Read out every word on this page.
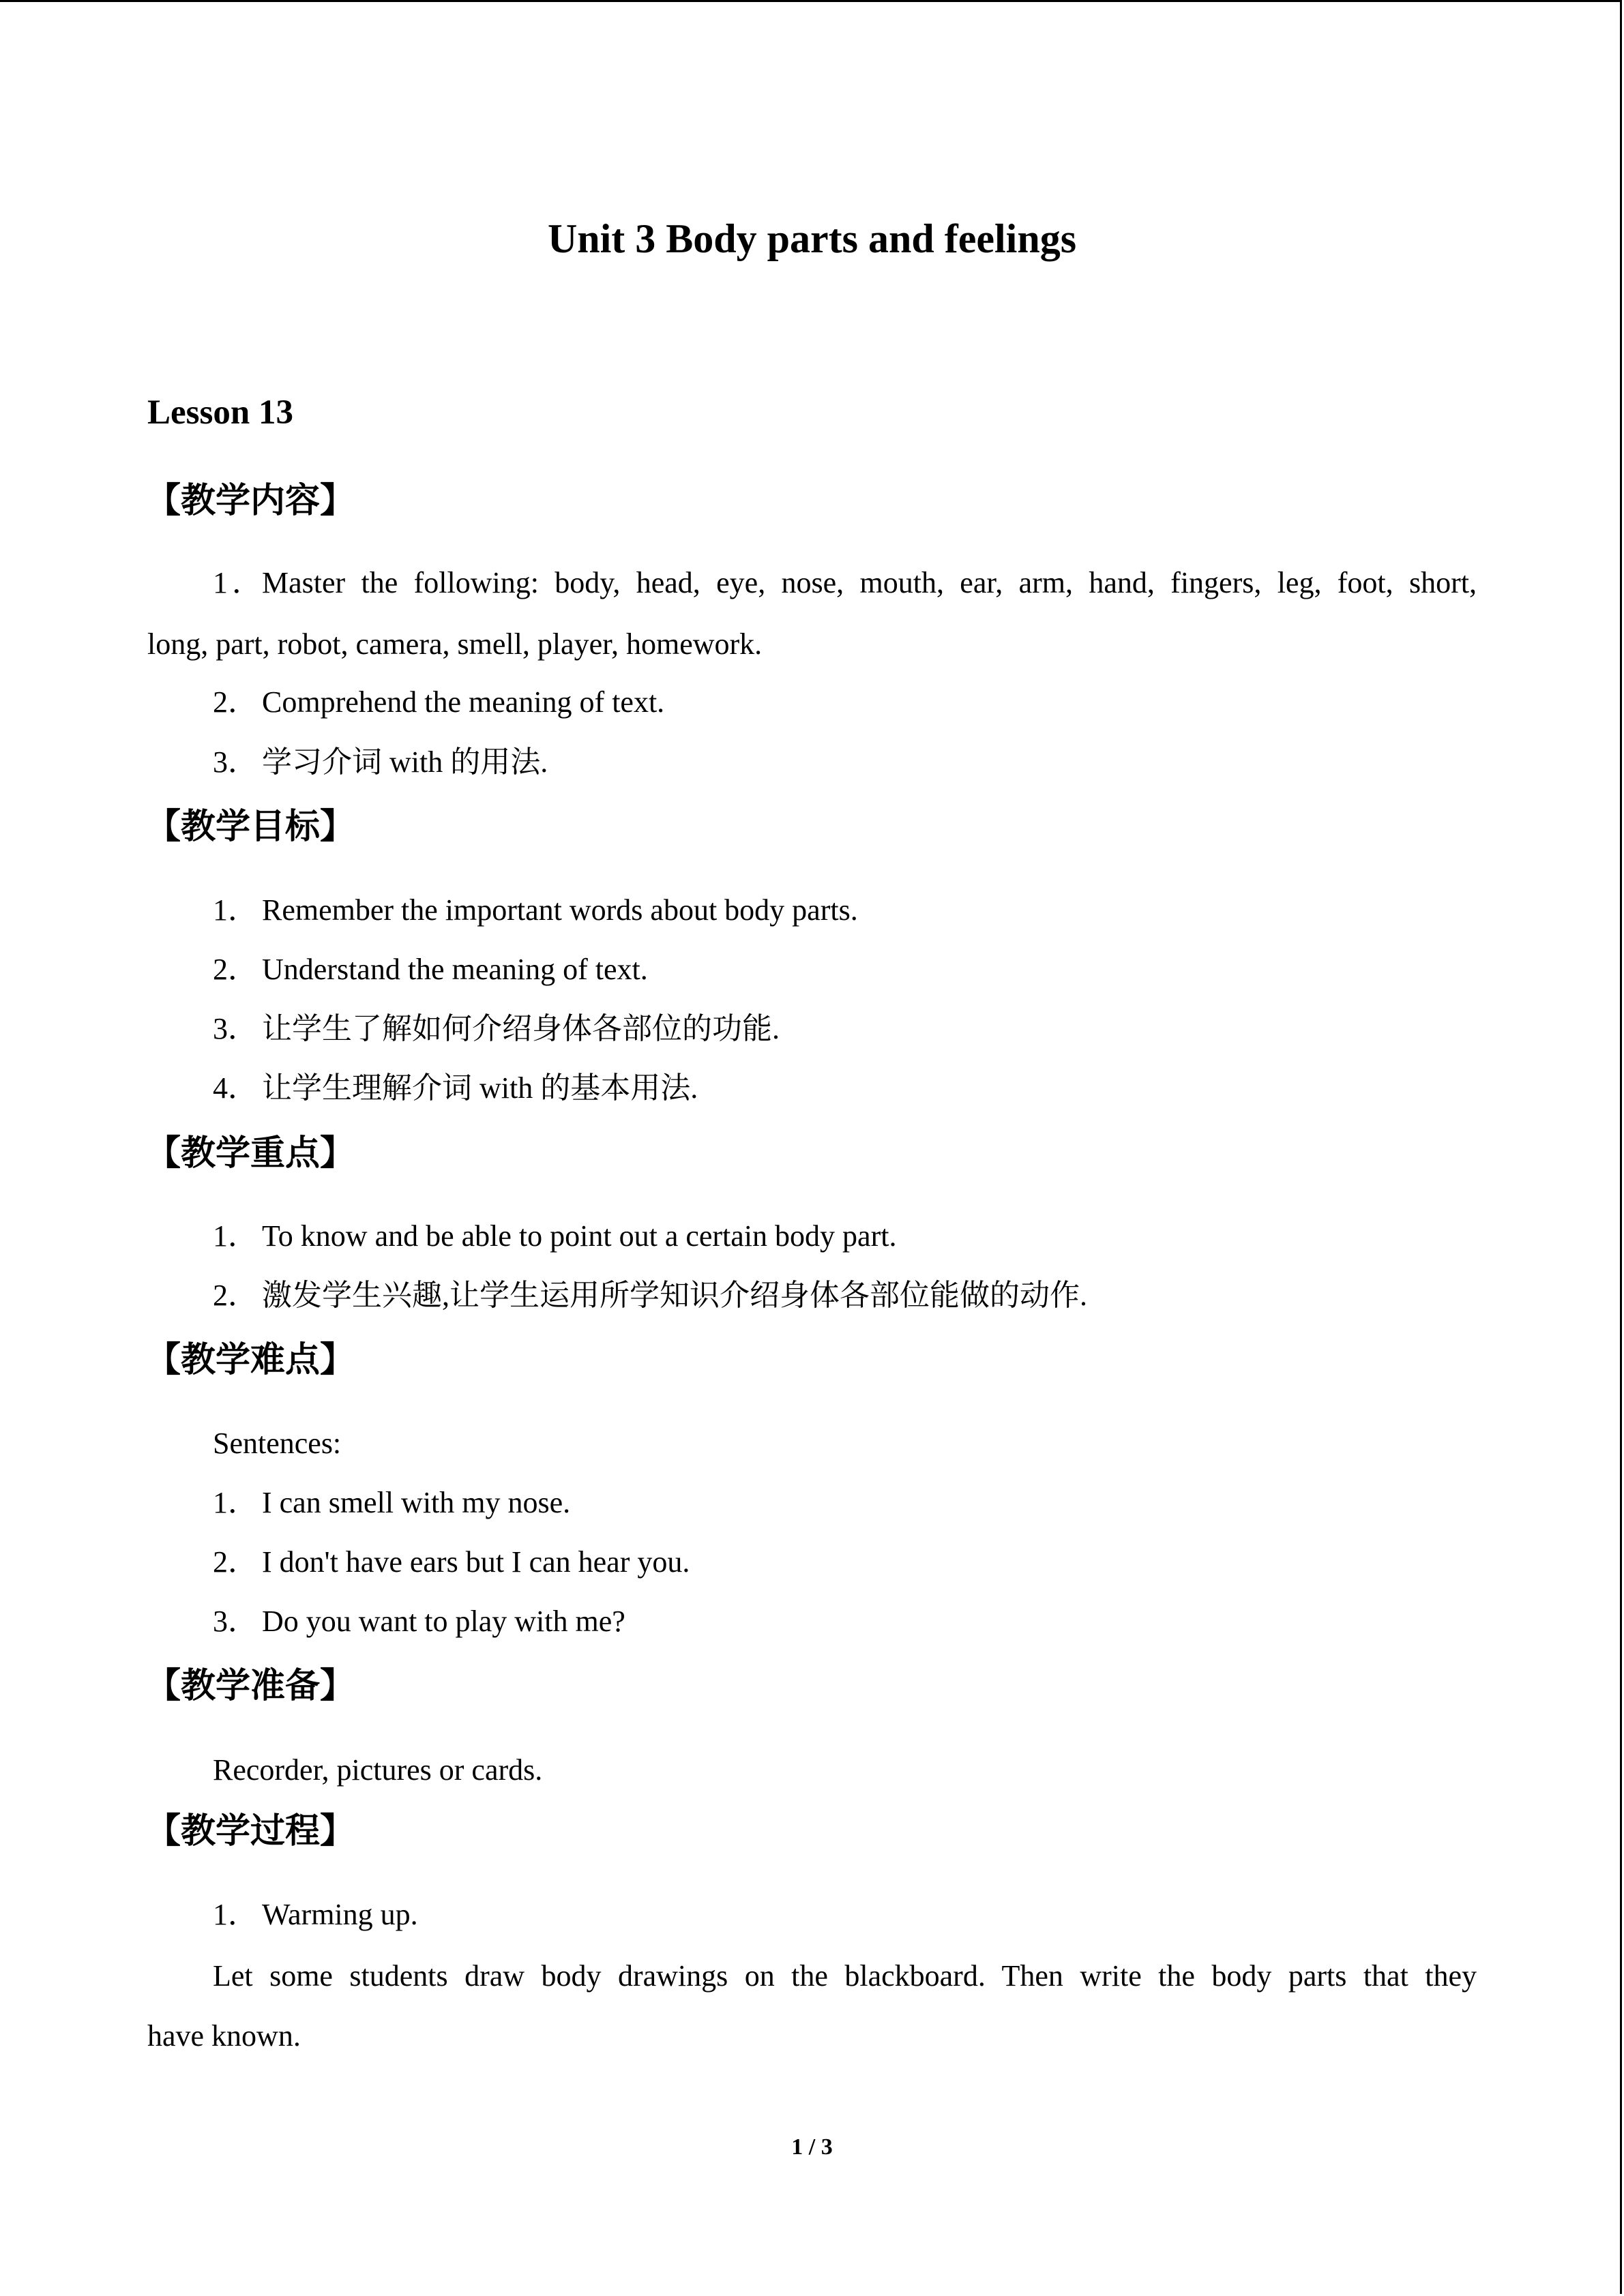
Unit 3 Body parts and feelings
Lesson 13
【教学内容】
1．Master the following: body, head, eye, nose, mouth, ear, arm, hand, fingers, leg, foot, short,
long, part, robot, camera, smell, player, homework.
2． Comprehend the meaning of text.
3． 学习介词 with 的用法.
【教学目标】
1． Remember the important words about body parts.
2． Understand the meaning of text.
3． 让学生了解如何介绍身体各部位的功能.
4． 让学生理解介词 with 的基本用法.
【教学重点】
1． To know and be able to point out a certain body part.
2． 激发学生兴趣,让学生运用所学知识介绍身体各部位能做的动作.
【教学难点】
Sentences:
1． I can smell with my nose.
2． I don't have ears but I can hear you.
3． Do you want to play with me?
【教学准备】
Recorder, pictures or cards.
【教学过程】
1． Warming up.
Let some students draw body drawings on the blackboard. Then write the body parts that they
have known.
1 / 3
